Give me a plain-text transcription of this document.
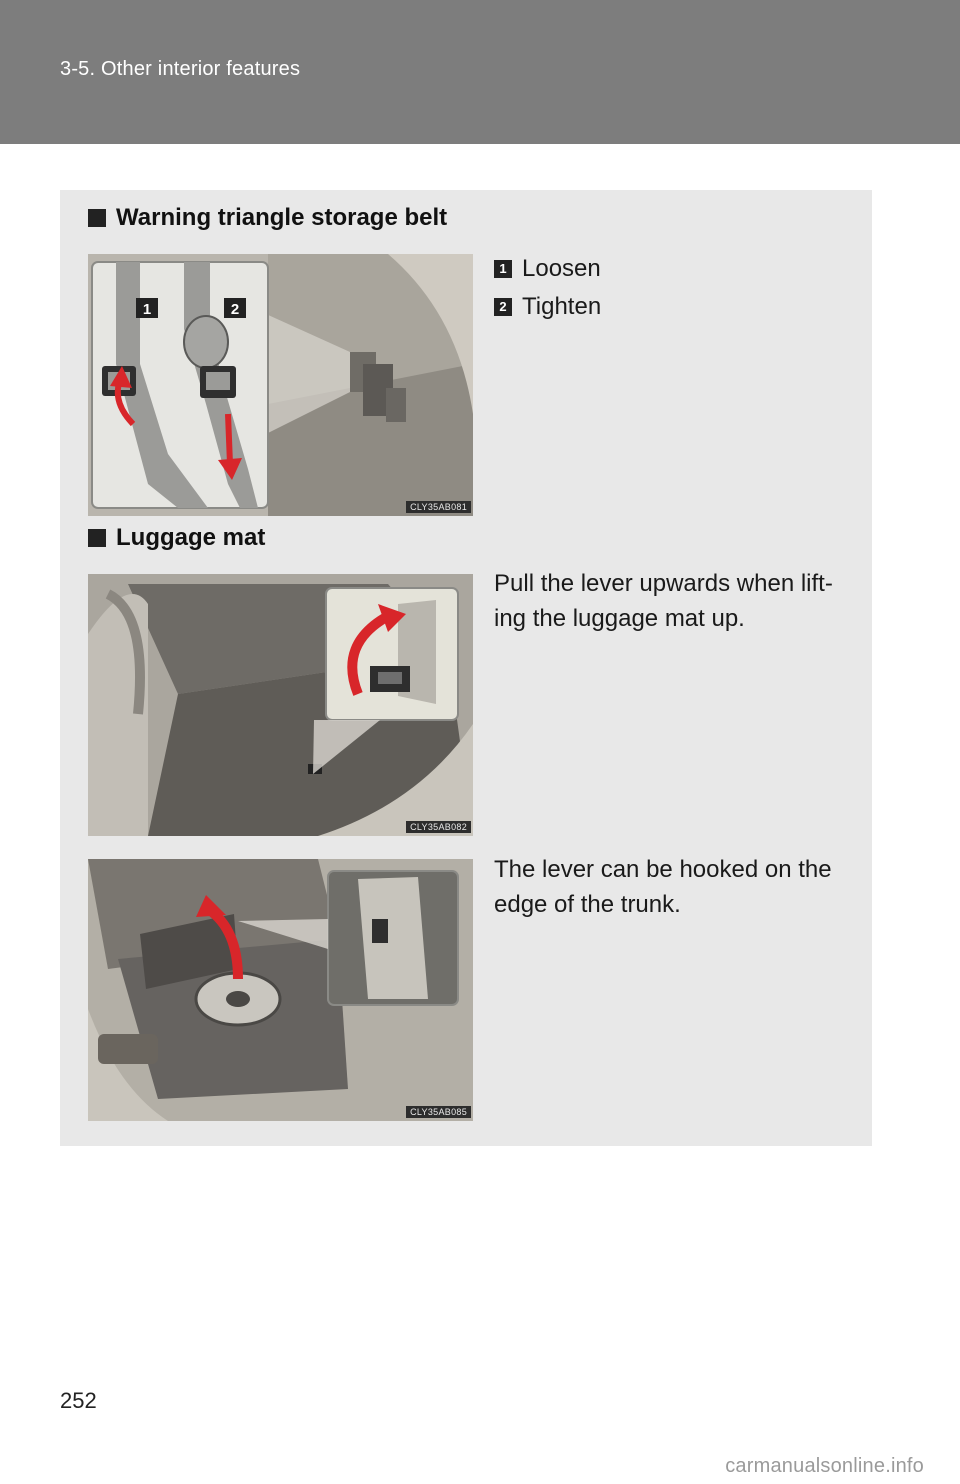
3-5. Other interior features
Warning triangle storage belt
1	2
CLY35AB081
1 Loosen
2 Tighten
Luggage mat
CLY35AB082
Pull the lever upwards when lift-ing the luggage mat up.
CLY35AB085
The lever can be hooked on the edge of the trunk.
252
carmanualsonline.info
